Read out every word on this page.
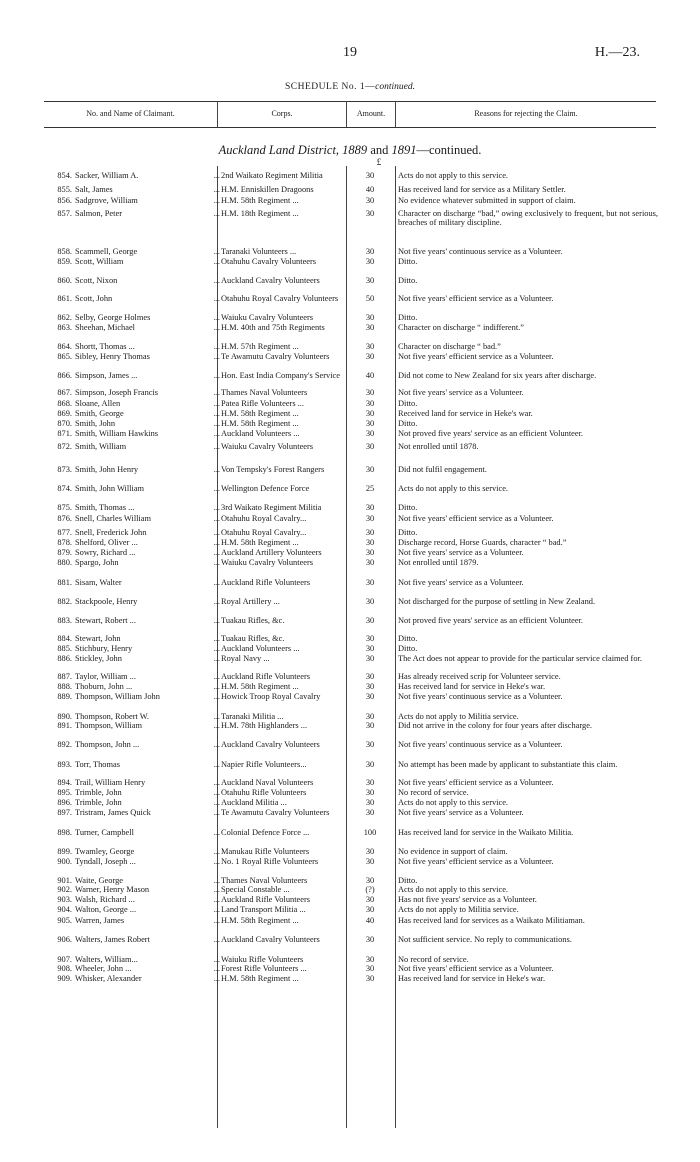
19	H.—23.
SCHEDULE No. 1—continued.
No. and Name of Claimant.	Corps.	Amount.	Reasons for rejecting the Claim.
Auckland Land District, 1889 and 1891—continued.
£
854. Sacker, William A.	... 2nd Waikato Regiment Militia	30	Acts do not apply to this service.
855. Salt, James	... H.M. Enniskillen Dragoons	40	Has received land for service as a Military Settler.
856. Sadgrove, William	... H.M. 58th Regiment ...	30	No evidence whatever submitted in support of claim.
857. Salmon, Peter	... H.M. 18th Regiment ...	30	Character on discharge “bad,” owing exclusively to frequent, but not serious, breaches of military discipline.
858. Scammell, George	... Taranaki Volunteers ...	30	Not five years' continuous service as a Volunteer.
859. Scott, William	... Otahuhu Cavalry Volunteers	30	Ditto.
860. Scott, Nixon	... Auckland Cavalry Volunteers	30	Ditto.
861. Scott, John	... Otahuhu Royal Cavalry Volunteers	50	Not five years' efficient service as a Volunteer.
862. Selby, George Holmes	... Waiuku Cavalry Volunteers	30	Ditto.
863. Sheehan, Michael	... H.M. 40th and 75th Regiments	30	Character on discharge “ indifferent.”
864. Shortt, Thomas ...	... H.M. 57th Regiment ...	30	Character on discharge “ bad.”
865. Sibley, Henry Thomas	... Te Awamutu Cavalry Volunteers	30	Not five years' efficient service as a Volunteer.
866. Simpson, James ...	... Hon. East India Company's Service	40	Did not come to New Zealand for six years after discharge.
867. Simpson, Joseph Francis	... Thames Naval Volunteers	30	Not five years' service as a Volunteer.
868. Sloane, Allen	... Patea Rifle Volunteers ...	30	Ditto.
869. Smith, George	... H.M. 58th Regiment ...	30	Received land for service in Heke's war.
870. Smith, John	... H.M. 58th Regiment ...	30	Ditto.
871. Smith, William Hawkins	... Auckland Volunteers ...	30	Not proved five years' service as an efficient Volunteer.
872. Smith, William	... Waiuku Cavalry Volunteers	30	Not enrolled until 1878.
873. Smith, John Henry	... Von Tempsky's Forest Rangers	30	Did not fulfil engagement.
874. Smith, John William	... Wellington Defence Force	25	Acts do not apply to this service.
875. Smith, Thomas ...	... 3rd Waikato Regiment Militia	30	Ditto.
876. Snell, Charles William	... Otahuhu Royal Cavalry...	30	Not five years' efficient service as a Volunteer.
877. Snell, Frederick John	... Otahuhu Royal Cavalry...	30	Ditto.
878. Shelford, Oliver ...	... H.M. 58th Regiment ...	30	Discharge record, Horse Guards, character “ bad.”
879. Sowry, Richard ...	... Auckland Artillery Volunteers	30	Not five years' service as a Volunteer.
880. Spargo, John	... Waiuku Cavalry Volunteers	30	Not enrolled until 1879.
881. Sisam, Walter	... Auckland Rifle Volunteers	30	Not five years' service as a Volunteer.
882. Stackpoole, Henry	... Royal Artillery ...	30	Not discharged for the purpose of settling in New Zealand.
883. Stewart, Robert ...	... Tuakau Rifles, &c.	30	Not proved five years' service as an efficient Volunteer.
884. Stewart, John	... Tuakau Rifles, &c.	30	Ditto.
885. Stichbury, Henry	... Auckland Volunteers ...	30	Ditto.
886. Stickley, John	... Royal Navy ...	30	The Act does not appear to provide for the particular service claimed for.
887. Taylor, William ...	... Auckland Rifle Volunteers	30	Has already received scrip for Volunteer service.
888. Thoburn, John ...	... H.M. 58th Regiment ...	30	Has received land for service in Heke's war.
889. Thompson, William John	... Howick Troop Royal Cavalry	30	Not five years' continuous service as a Volunteer.
890. Thompson, Robert W.	... Taranaki Militia ...	30	Acts do not apply to Militia service.
891. Thompson, William	... H.M. 78th Highlanders ...	30	Did not arrive in the colony for four years after discharge.
892. Thompson, John ...	... Auckland Cavalry Volunteers	30	Not five years' continuous service as a Volunteer.
893. Torr, Thomas	... Napier Rifle Volunteers...	30	No attempt has been made by applicant to substantiate this claim.
894. Trail, William Henry	... Auckland Naval Volunteers	30	Not five years' efficient service as a Volunteer.
895. Trimble, John	... Otahuhu Rifle Volunteers	30	No record of service.
896. Trimble, John	... Auckland Militia ...	30	Acts do not apply to this service.
897. Tristram, James Quick	... Te Awamutu Cavalry Volunteers	30	Not five years' service as a Volunteer.
898. Turner, Campbell	... Colonial Defence Force ...	100	Has received land for service in the Waikato Militia.
899. Twamley, George	... Manukau Rifle Volunteers	30	No evidence in support of claim.
900. Tyndall, Joseph ...	... No. 1 Royal Rifle Volunteers	30	Not five years' efficient service as a Volunteer.
901. Waite, George	... Thames Naval Volunteers	30	Ditto.
902. Warner, Henry Mason	... Special Constable ...	(?)	Acts do not apply to this service.
903. Walsh, Richard ...	... Auckland Rifle Volunteers	30	Has not five years' service as a Volunteer.
904. Walton, George ...	... Land Transport Militia ...	30	Acts do not apply to Militia service.
905. Warren, James	... H.M. 58th Regiment ...	40	Has received land for services as a Waikato Militiaman.
906. Walters, James Robert	... Auckland Cavalry Volunteers	30	Not sufficient service. No reply to communications.
907. Walters, William...	... Waiuku Rifle Volunteers	30	No record of service.
908. Wheeler, John ...	... Forest Rifle Volunteers ...	30	Not five years' efficient service as a Volunteer.
909. Whisker, Alexander	... H.M. 58th Regiment ...	30	Has received land for service in Heke's war.
